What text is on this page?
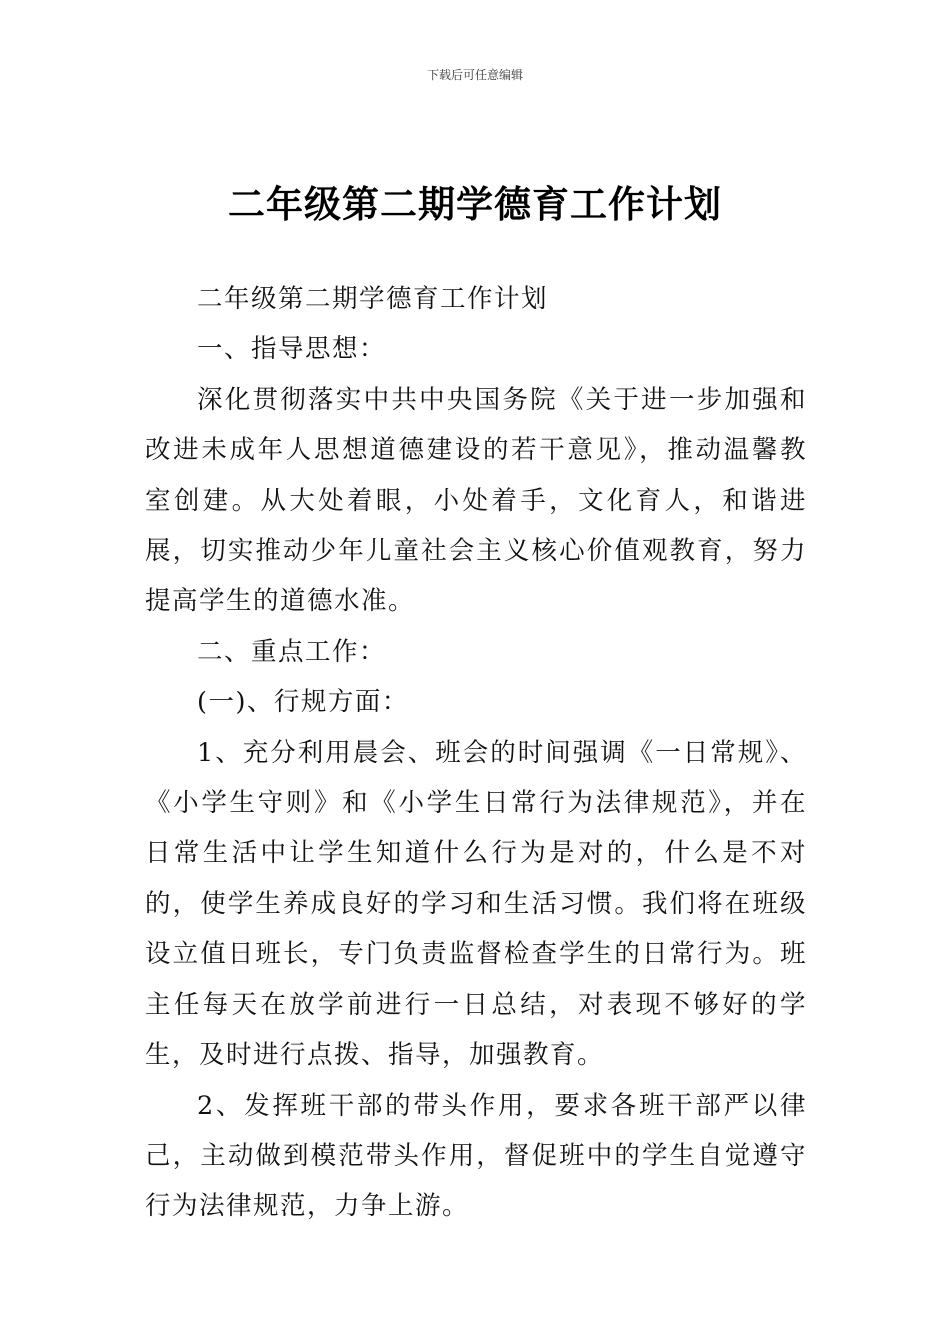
下载后可任意编辑
二年级第二期学德育工作计划

二年级第二期学德育工作计划

一、指导思想：

深化贯彻落实中共中央国务院《关于进一步加强和改进未成年人思想道德建设的若干意见》，推动温馨教室创建。从大处着眼，小处着手，文化育人，和谐进展，切实推动少年儿童社会主义核心价值观教育，努力提高学生的道德水准。

二、重点工作：

(一)、行规方面：

1、充分利用晨会、班会的时间强调《一日常规》、《小学生守则》和《小学生日常行为法律规范》，并在日常生活中让学生知道什么行为是对的，什么是不对的，使学生养成良好的学习和生活习惯。我们将在班级设立值日班长，专门负责监督检查学生的日常行为。班主任每天在放学前进行一日总结，对表现不够好的学生，及时进行点拨、指导，加强教育。

2、发挥班干部的带头作用，要求各班干部严以律己，主动做到模范带头作用，督促班中的学生自觉遵守行为法律规范，力争上游。
